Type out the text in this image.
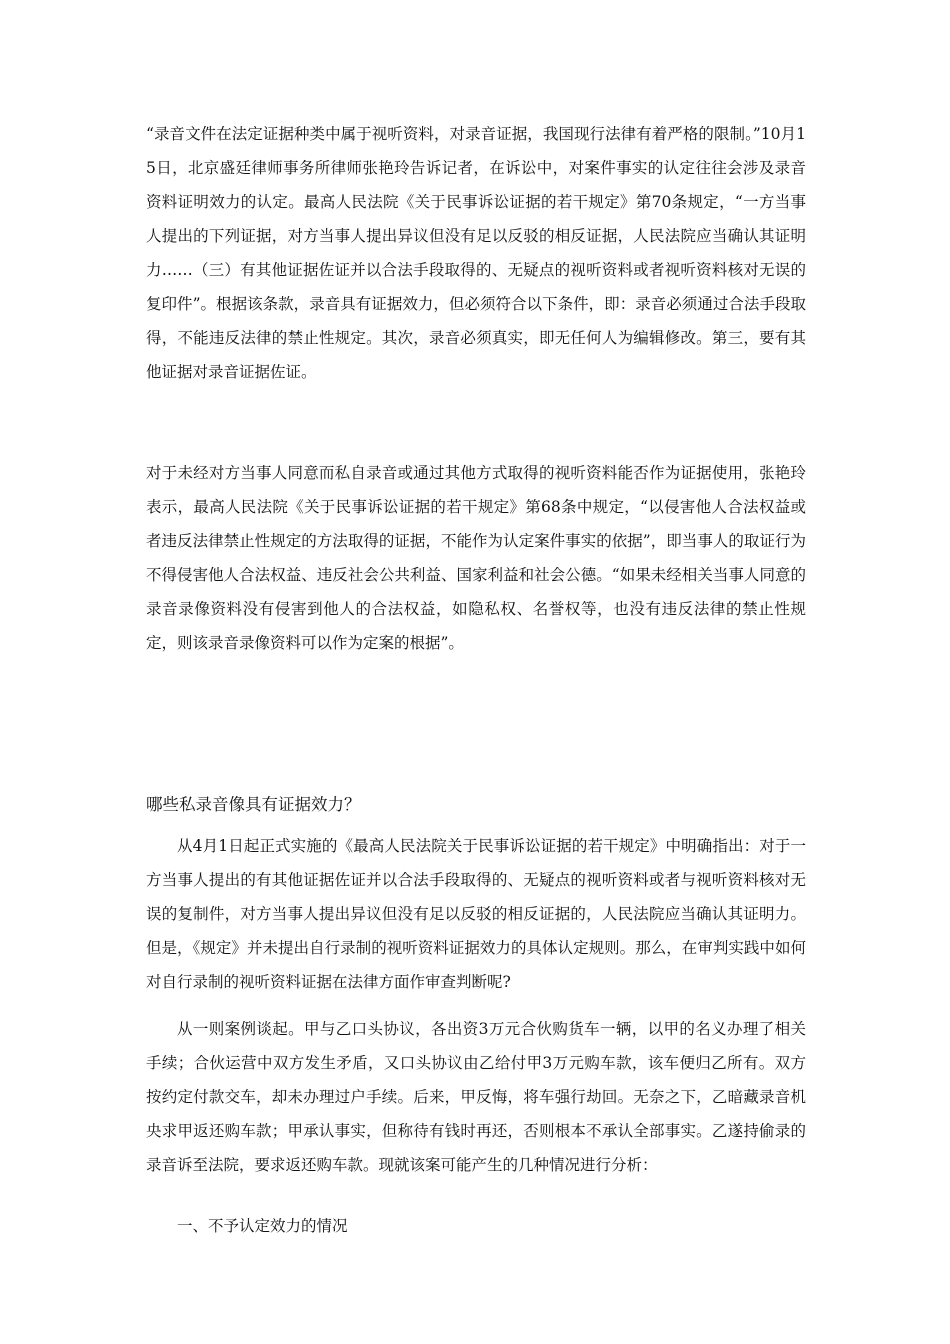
“录音文件在法定证据种类中属于视听资料，对录音证据，我国现行法律有着严格的限制。”10月15日，北京盛廷律师事务所律师张艳玲告诉记者，在诉讼中，对案件事实的认定往往会涉及录音资料证明效力的认定。最高人民法院《关于民事诉讼证据的若干规定》第70条规定，“一方当事人提出的下列证据，对方当事人提出异议但没有足以反驳的相反证据，人民法院应当确认其证明力……（三）有其他证据佐证并以合法手段取得的、无疑点的视听资料或者视听资料核对无误的复印件”。根据该条款，录音具有证据效力，但必须符合以下条件，即：录音必须通过合法手段取得，不能违反法律的禁止性规定。其次，录音必须真实，即无任何人为编辑修改。第三，要有其他证据对录音证据佐证。
对于未经对方当事人同意而私自录音或通过其他方式取得的视听资料能否作为证据使用，张艳玲表示，最高人民法院《关于民事诉讼证据的若干规定》第68条中规定，“以侵害他人合法权益或者违反法律禁止性规定的方法取得的证据，不能作为认定案件事实的依据”，即当事人的取证行为不得侵害他人合法权益、违反社会公共利益、国家利益和社会公德。“如果未经相关当事人同意的录音录像资料没有侵害到他人的合法权益，如隐私权、名誉权等，也没有违反法律的禁止性规定，则该录音录像资料可以作为定案的根据”。
哪些私录音像具有证据效力？
从4月1日起正式实施的《最高人民法院关于民事诉讼证据的若干规定》中明确指出：对于一方当事人提出的有其他证据佐证并以合法手段取得的、无疑点的视听资料或者与视听资料核对无误的复制件，对方当事人提出异议但没有足以反驳的相反证据的，人民法院应当确认其证明力。但是，《规定》并未提出自行录制的视听资料证据效力的具体认定规则。那么，在审判实践中如何对自行录制的视听资料证据在法律方面作审查判断呢?
从一则案例谈起。甲与乙口头协议，各出资3万元合伙购货车一辆，以甲的名义办理了相关手续；合伙运营中双方发生矛盾，又口头协议由乙给付甲3万元购车款，该车便归乙所有。双方按约定付款交车，却未办理过户手续。后来，甲反悔，将车强行劫回。无奈之下，乙暗藏录音机央求甲返还购车款；甲承认事实，但称待有钱时再还，否则根本不承认全部事实。乙遂持偷录的录音诉至法院，要求返还购车款。现就该案可能产生的几种情况进行分析：
一、不予认定效力的情况
